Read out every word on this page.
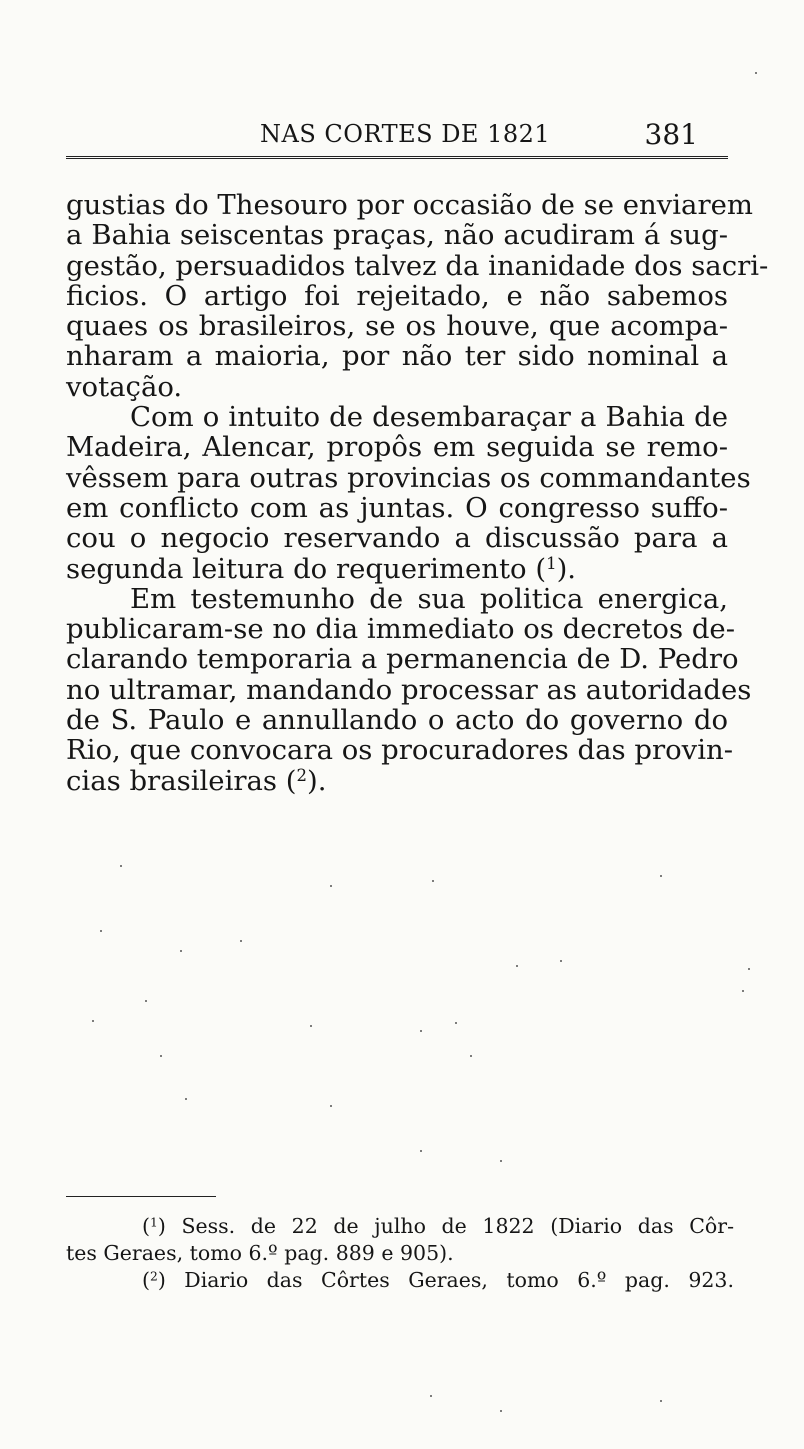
NAS CORTES DE 1821	381
gustias do Thesouro por occasião de se enviarem
a Bahia seiscentas praças, não acudiram á sug-
gestão, persuadidos talvez da inanidade dos sacri-
ficios. O artigo foi rejeitado, e não sabemos
quaes os brasileiros, se os houve, que acompa-
nharam a maioria, por não ter sido nominal a
votação.
Com o intuito de desembaraçar a Bahia de
Madeira, Alencar, propôs em seguida se remo-
vêssem para outras provincias os commandantes
em conflicto com as juntas. O congresso suffo-
cou o negocio reservando a discussão para a
segunda leitura do requerimento ($^1$).
Em testemunho de sua politica energica,
publicaram-se no dia immediato os decretos de-
clarando temporaria a permanencia de D. Pedro
no ultramar, mandando processar as autoridades
de S. Paulo e annullando o acto do governo do
Rio, que convocara os procuradores das provin-
cias brasileiras ($^2$).
($^1$) Sess. de 22 de julho de 1822 (Diario das Côr-
tes Geraes, tomo 6.º pag. 889 e 905).
($^2$) Diario das Côrtes Geraes, tomo 6.º pag. 923.
